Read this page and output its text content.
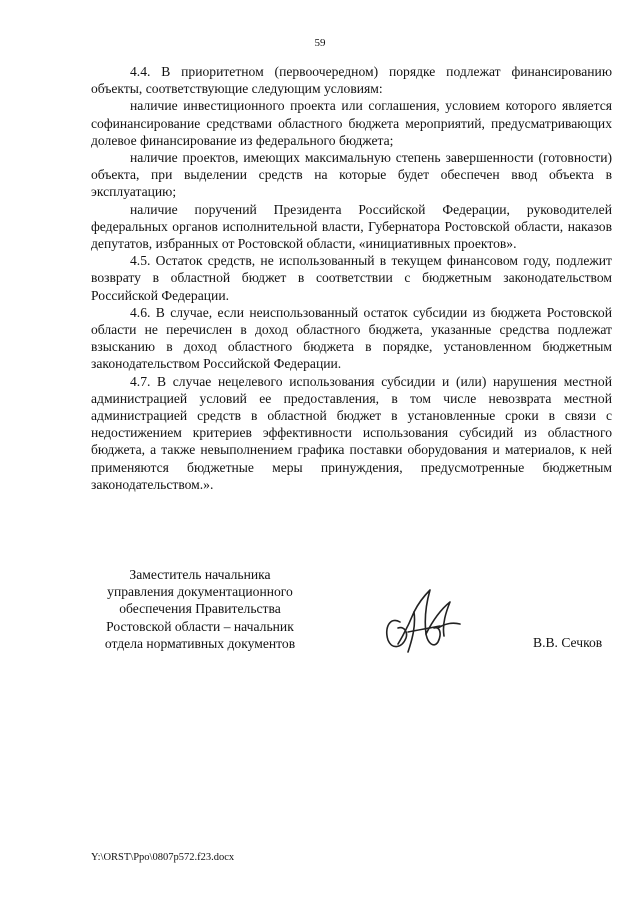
59

4.4. В приоритетном (первоочередном) порядке подлежат финансированию объекты, соответствующие следующим условиям:

наличие инвестиционного проекта или соглашения, условием которого является софинансирование средствами областного бюджета мероприятий, предусматривающих долевое финансирование из федерального бюджета;

наличие проектов, имеющих максимальную степень завершенности (готовности) объекта, при выделении средств на которые будет обеспечен ввод объекта в эксплуатацию;

наличие поручений Президента Российской Федерации, руководителей федеральных органов исполнительной власти, Губернатора Ростовской области, наказов депутатов, избранных от Ростовской области, «инициативных проектов».

4.5. Остаток средств, не использованный в текущем финансовом году, подлежит возврату в областной бюджет в соответствии с бюджетным законодательством Российской Федерации.

4.6. В случае, если неиспользованный остаток субсидии из бюджета Ростовской области не перечислен в доход областного бюджета, указанные средства подлежат взысканию в доход областного бюджета в порядке, установленном бюджетным законодательством Российской Федерации.

4.7. В случае нецелевого использования субсидии и (или) нарушения местной администрацией условий ее предоставления, в том числе невозврата местной администрацией средств в областной бюджет в установленные сроки в связи с недостижением критериев эффективности использования субсидий из областного бюджета, а также невыполнением графика поставки оборудования и материалов, к ней применяются бюджетные меры принуждения, предусмотренные бюджетным законодательством.».

Заместитель начальника
управления документационного
обеспечения Правительства
Ростовской области – начальник
отдела нормативных документов	В.В. Сечков
Y:\ORST\Ppo\0807p572.f23.docx
